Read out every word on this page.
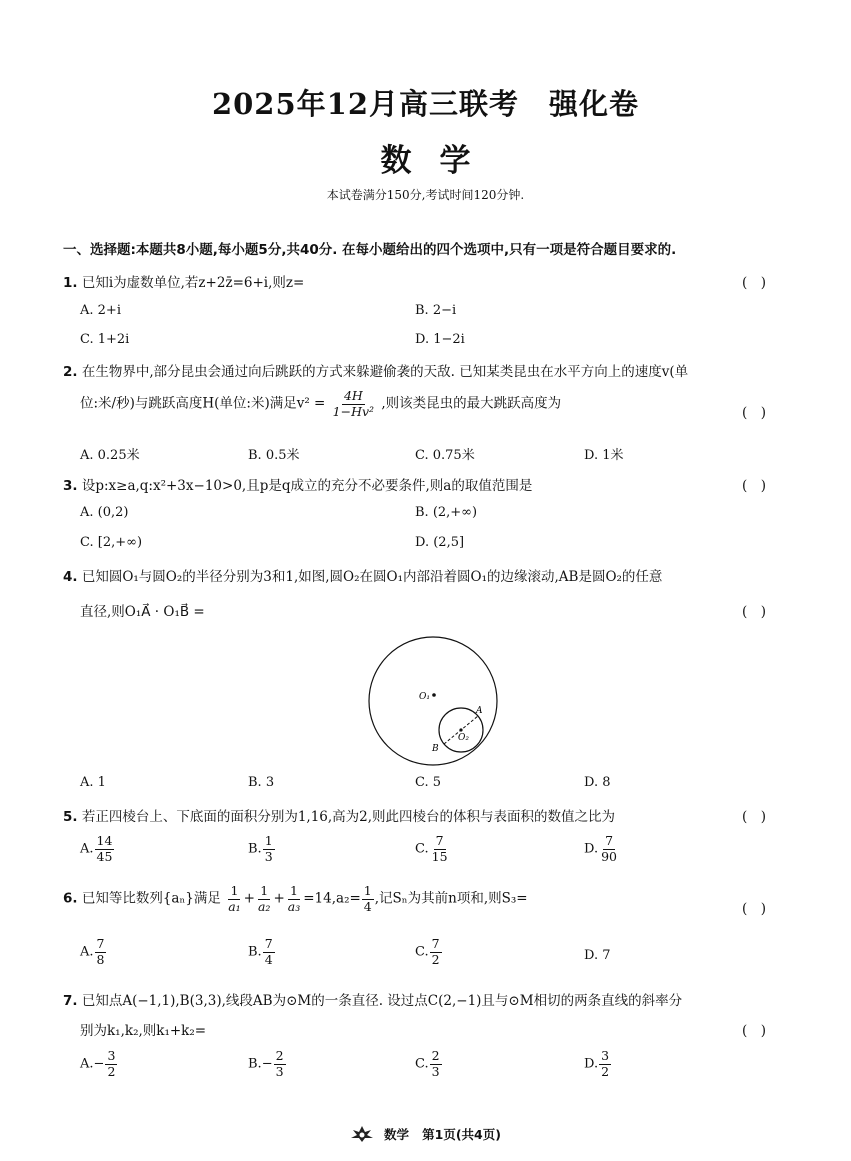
2025年12月高三联考　强化卷
数学
本试卷满分150分,考试时间120分钟.
一、选择题:本题共8小题,每小题5分,共40分. 在每小题给出的四个选项中,只有一项是符合题目要求的.
1. 已知i为虚数单位,若z+2z̄=6+i,则z=	(　)
A. 2+i	B. 2−i
C. 1+2i	D. 1−2i
2. 在生物界中,部分昆虫会通过向后跳跃的方式来躲避偷袭的天敌. 已知某类昆虫在水平方向上的速度v(单
位:米/秒)与跳跃高度H(单位:米)满足$v^2 = \frac{4H}{\text{1−Hv²}}$ ,则该类昆虫的最大跳跃高度为
(　)
A. 0.25米	B. 0.5米	C. 0.75米	D. 1米
3. 设p:x≥a,q:x²+3x−10>0,且p是q成立的充分不必要条件,则a的取值范围是	(　)
A. (0,2)	B. (2,+∞)
C. [2,+∞)	D. (2,5]
4. 已知圆O₁与圆O₂的半径分别为3和1,如图,圆O₂在圆O₁内部沿着圆O₁的边缘滚动,AB是圆O₂的任意
直径,则O₁A⃗ · O₁B⃗ =	(　)
O₁
O₂
A
B
A. 1	B. 3	C. 5	D. 8
5. 若正四棱台上、下底面的面积分别为1,16,高为2,则此四棱台的体积与表面积的数值之比为	(　)
A. $\frac{14}{45}$	B. $\frac{1}{3}$	C. $\frac{7}{15}$	D. $\frac{7}{90}$
6. 已知等比数列{aₙ}满足 $\frac{1}{\text{a₁}} + \frac{1}{\text{a₂}} + \frac{1}{\text{a₃}} =14,a_2= \frac{1}{4}$ ,记Sₙ为其前n项和,则S₃=
(　)
A. $\frac{7}{8}$	B. $\frac{7}{4}$	C. $\frac{7}{2}$	D. 7
7. 已知点A(−1,1),B(3,3),线段AB为⊙M的一条直径. 设过点C(2,−1)且与⊙M相切的两条直线的斜率分
别为k₁,k₂,则k₁+k₂=	(　)
$A.- \frac{3}{2}$	$B.- \frac{2}{3}$	C. $\frac{2}{3}$	D. $\frac{3}{2}$
数学 第1页(共4页)
